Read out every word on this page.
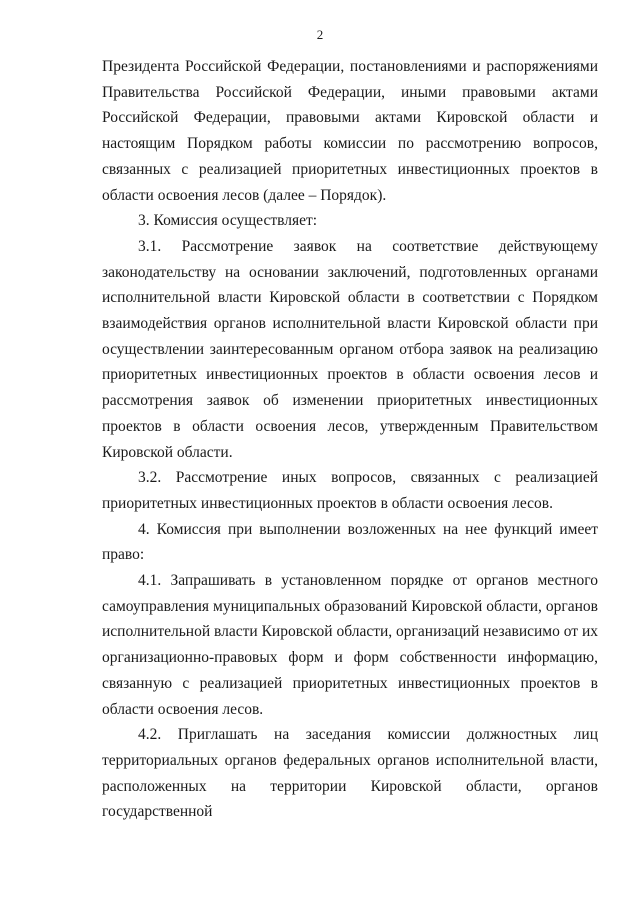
2

Президента Российской Федерации, постановлениями и распоряжениями Правительства Российской Федерации, иными правовыми актами Российской Федерации, правовыми актами Кировской области и настоящим Порядком работы комиссии по рассмотрению вопросов, связанных с реализацией приоритетных инвестиционных проектов в области освоения лесов (далее – Порядок).

3. Комиссия осуществляет:

3.1. Рассмотрение заявок на соответствие действующему законодательству на основании заключений, подготовленных органами исполнительной власти Кировской области в соответствии с Порядком взаимодействия органов исполнительной власти Кировской области при осуществлении заинтересованным органом отбора заявок на реализацию приоритетных инвестиционных проектов в области освоения лесов и рассмотрения заявок об изменении приоритетных инвестиционных проектов в области освоения лесов, утвержденным Правительством Кировской области.

3.2. Рассмотрение иных вопросов, связанных с реализацией приоритетных инвестиционных проектов в области освоения лесов.

4. Комиссия при выполнении возложенных на нее функций имеет право:

4.1. Запрашивать в установленном порядке от органов местного самоуправления муниципальных образований Кировской области, органов исполнительной власти Кировской области, организаций независимо от их организационно-правовых форм и форм собственности информацию, связанную с реализацией приоритетных инвестиционных проектов в области освоения лесов.

4.2. Приглашать на заседания комиссии должностных лиц территориальных органов федеральных органов исполнительной власти, расположенных на территории Кировской области, органов государственной
